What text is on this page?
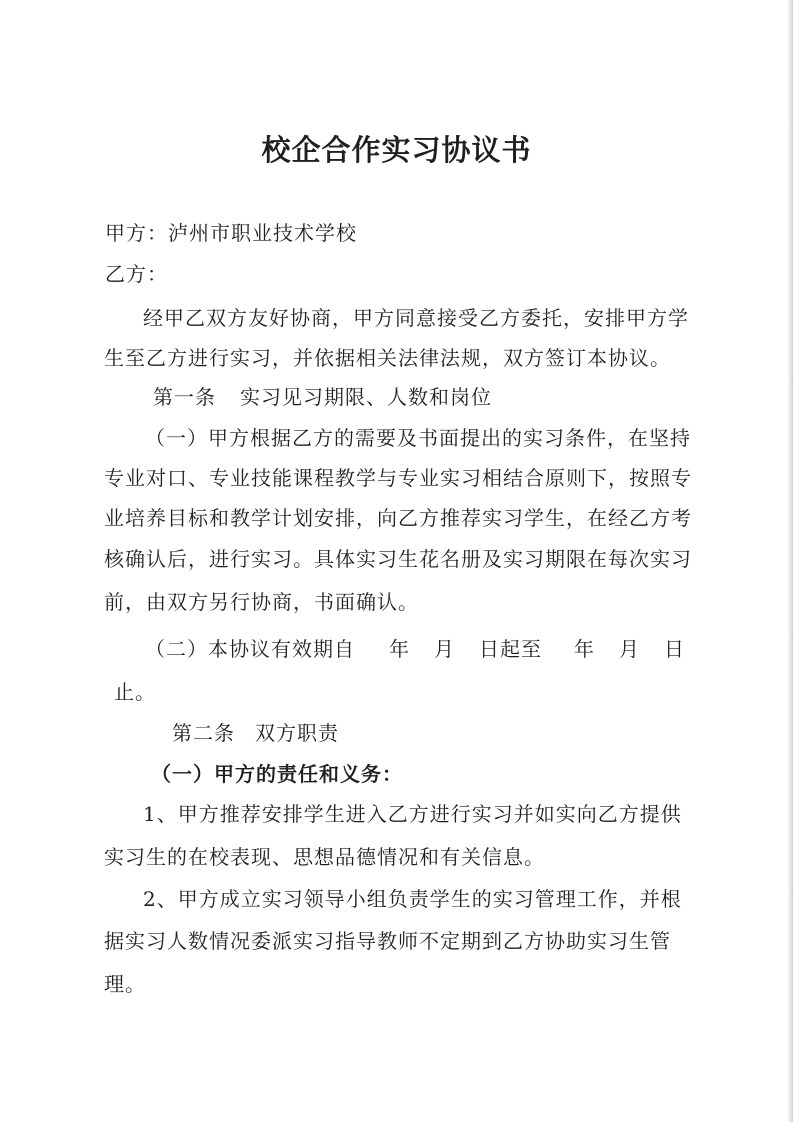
校企合作实习协议书
甲方：泸州市职业技术学校
乙方：
经甲乙双方友好协商，甲方同意接受乙方委托，安排甲方学
生至乙方进行实习，并依据相关法律法规，双方签订本协议。
第一条 实习见习期限、人数和岗位
（一）甲方根据乙方的需要及书面提出的实习条件，在坚持
专业对口、专业技能课程教学与专业实习相结合原则下，按照专
业培养目标和教学计划安排，向乙方推荐实习学生，在经乙方考
核确认后，进行实习。具体实习生花名册及实习期限在每次实习
前，由双方另行协商，书面确认。
（二）本协议有效期自 年 月 日起至 年 月 日
止。
第二条 双方职责
（一）甲方的责任和义务：
1、甲方推荐安排学生进入乙方进行实习并如实向乙方提供
实习生的在校表现、思想品德情况和有关信息。
2、甲方成立实习领导小组负责学生的实习管理工作，并根
据实习人数情况委派实习指导教师不定期到乙方协助实习生管
理。
